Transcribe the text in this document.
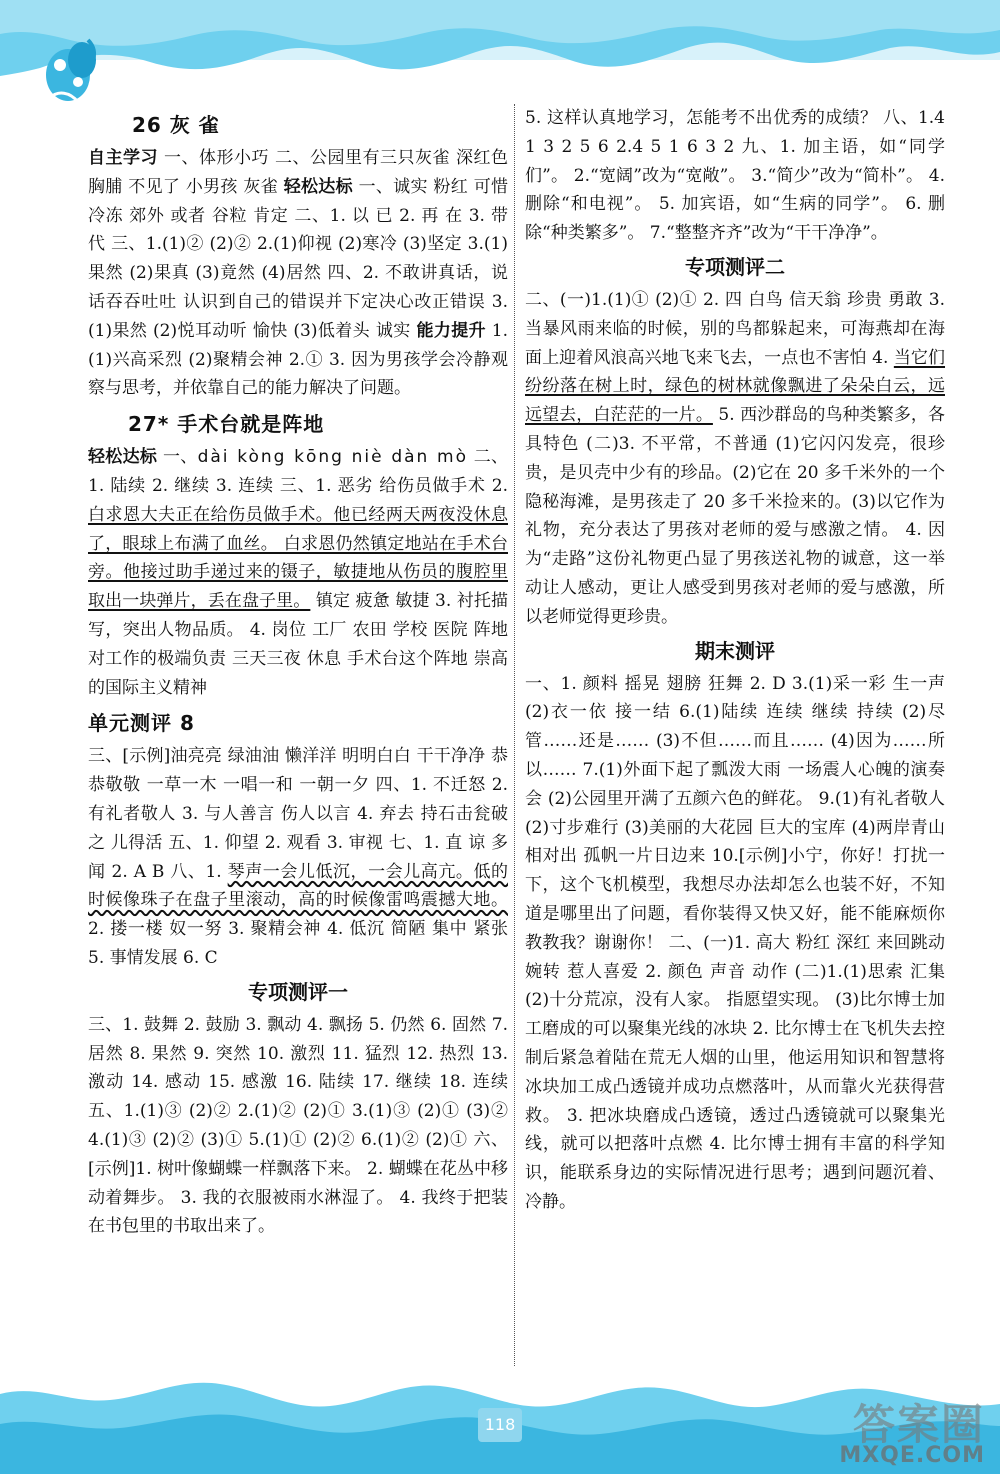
26 灰 雀

自主学习 一、体形小巧 二、公园里有三只灰雀 深红色胸脯 不见了 小男孩 灰雀 轻松达标 一、诚实 粉红 可惜 冷冻 郊外 或者 谷粒 肯定 二、1. 以 已 2. 再 在 3. 带 代 三、1.(1)② (2)② 2.(1)仰视 (2)寒冷 (3)坚定 3.(1)果然 (2)果真 (3)竟然 (4)居然 四、2. 不敢讲真话，说话吞吞吐吐 认识到自己的错误并下定决心改正错误 3.(1)果然 (2)悦耳动听 愉快 (3)低着头 诚实 能力提升 1.(1)兴高采烈 (2)聚精会神 2.① 3. 因为男孩学会冷静观察与思考，并依靠自己的能力解决了问题。

27* 手术台就是阵地

轻松达标 一、dài kòng kōng niè dàn mò 二、1. 陆续 2. 继续 3. 连续 三、1. 恶劣 给伤员做手术 2. 白求恩大夫正在给伤员做手术。他已经两天两夜没休息了，眼球上布满了血丝。 白求恩仍然镇定地站在手术台旁。他接过助手递过来的镊子，敏捷地从伤员的腹腔里取出一块弹片，丢在盘子里。 镇定 疲惫 敏捷 3. 衬托描写，突出人物品质。 4. 岗位 工厂 农田 学校 医院 阵地 对工作的极端负责 三天三夜 休息 手术台这个阵地 崇高的国际主义精神

单元测评 8

三、[示例]油亮亮 绿油油 懒洋洋 明明白白 干干净净 恭恭敬敬 一草一木 一唱一和 一朝一夕 四、1. 不迁怒 2. 有礼者敬人 3. 与人善言 伤人以言 4. 弃去 持石击瓮破之 儿得活 五、1. 仰望 2. 观看 3. 审视 七、1. 直 谅 多闻 2. A B 八、1. 琴声一会儿低沉，一会儿高亢。低的时候像珠子在盘子里滚动，高的时候像雷鸣震撼大地。 2. 搂一楼 奴一努 3. 聚精会神 4. 低沉 简陋 集中 紧张 5. 事情发展 6. C

专项测评一

三、1. 鼓舞 2. 鼓励 3. 飘动 4. 飘扬 5. 仍然 6. 固然 7. 居然 8. 果然 9. 突然 10. 激烈 11. 猛烈 12. 热烈 13. 激动 14. 感动 15. 感激 16. 陆续 17. 继续 18. 连续 五、1.(1)③ (2)② 2.(1)② (2)① 3.(1)③ (2)① (3)② 4.(1)③ (2)② (3)① 5.(1)① (2)② 6.(1)② (2)① 六、[示例]1. 树叶像蝴蝶一样飘落下来。 2. 蝴蝶在花丛中移动着舞步。 3. 我的衣服被雨水淋湿了。 4. 我终于把装在书包里的书取出来了。

5. 这样认真地学习，怎能考不出优秀的成绩？ 八、1.4 1 3 2 5 6 2.4 5 1 6 3 2 九、1. 加主语，如“同学们”。 2.“宽阔”改为“宽敞”。 3.“简少”改为“简朴”。 4. 删除“和电视”。 5. 加宾语，如“生病的同学”。 6. 删除“种类繁多”。 7.“整整齐齐”改为“干干净净”。

专项测评二

二、(一)1.(1)① (2)① 2. 四 白鸟 信天翁 珍贵 勇敢 3. 当暴风雨来临的时候，别的鸟都躲起来，可海燕却在海面上迎着风浪高兴地飞来飞去，一点也不害怕 4. 当它们纷纷落在树上时，绿色的树林就像飘进了朵朵白云，远远望去，白茫茫的一片。 5. 西沙群岛的鸟种类繁多，各具特色 (二)3. 不平常，不普通 (1)它闪闪发亮，很珍贵，是贝壳中少有的珍品。(2)它在 20 多千米外的一个隐秘海滩，是男孩走了 20 多千米捡来的。(3)以它作为礼物，充分表达了男孩对老师的爱与感激之情。 4. 因为“走路”这份礼物更凸显了男孩送礼物的诚意，这一举动让人感动，更让人感受到男孩对老师的爱与感激，所以老师觉得更珍贵。

期末测评

一、1. 颜料 摇晃 翅膀 狂舞 2. D 3.(1)采一彩 生一声 (2)衣一依 接一结 6.(1)陆续 连续 继续 持续 (2)尽管……还是…… (3)不但……而且…… (4)因为……所以…… 7.(1)外面下起了瓢泼大雨 一场震人心魄的演奏会 (2)公园里开满了五颜六色的鲜花。 9.(1)有礼者敬人 (2)寸步难行 (3)美丽的大花园 巨大的宝库 (4)两岸青山相对出 孤帆一片日边来 10.[示例]小宁，你好！打扰一下，这个飞机模型，我想尽办法却怎么也装不好，不知道是哪里出了问题，看你装得又快又好，能不能麻烦你教教我？谢谢你！ 二、(一)1. 高大 粉红 深红 来回跳动 婉转 惹人喜爱 2. 颜色 声音 动作 (二)1.(1)思索 汇集 (2)十分荒凉，没有人家。 指愿望实现。 (3)比尔博士加工磨成的可以聚集光线的冰块 2. 比尔博士在飞机失去控制后紧急着陆在荒无人烟的山里，他运用知识和智慧将冰块加工成凸透镜并成功点燃落叶，从而靠火光获得营救。 3. 把冰块磨成凸透镜，透过凸透镜就可以聚集光线，就可以把落叶点燃 4. 比尔博士拥有丰富的科学知识，能联系身边的实际情况进行思考；遇到问题沉着、冷静。

118	答案圈
MXQE.COM
